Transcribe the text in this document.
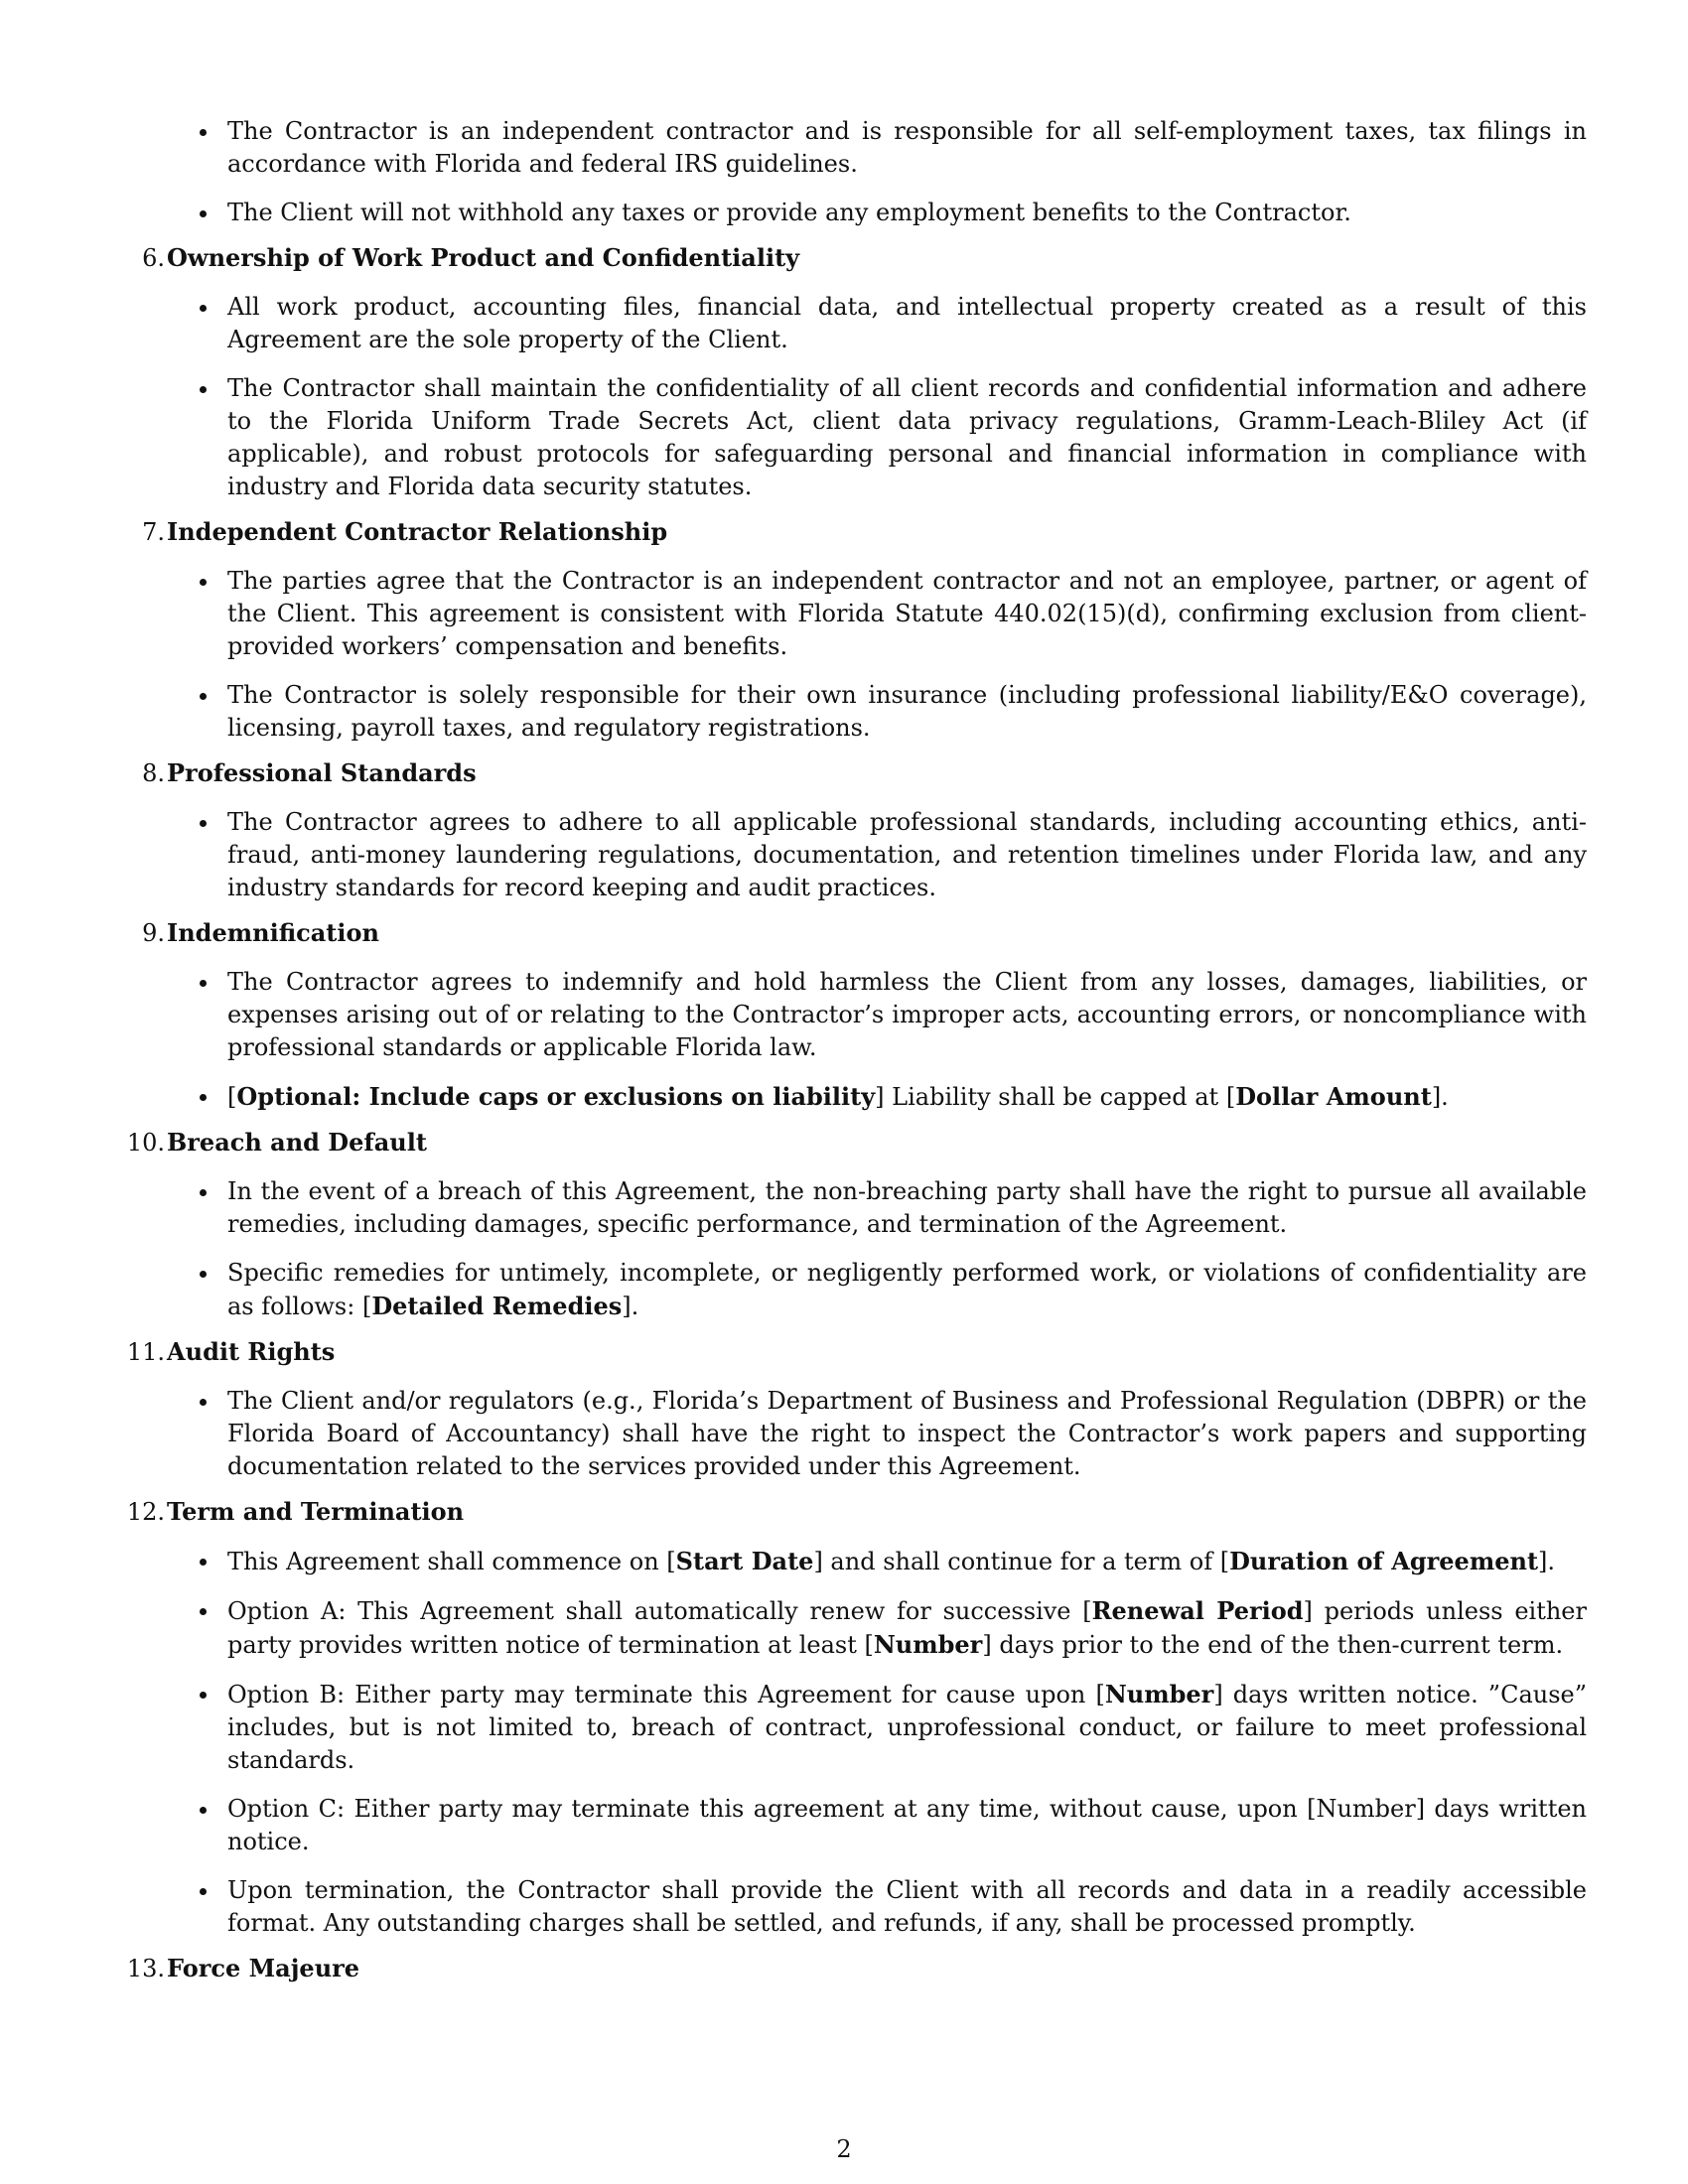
The Contractor is an independent contractor and is responsible for all self-employment taxes, tax filings in accordance with Florida and federal IRS guidelines.
The Client will not withhold any taxes or provide any employment benefits to the Contractor.
6. Ownership of Work Product and Confidentiality
All work product, accounting files, financial data, and intellectual property created as a result of this Agreement are the sole property of the Client.
The Contractor shall maintain the confidentiality of all client records and confidential information and adhere to the Florida Uniform Trade Secrets Act, client data privacy regulations, Gramm-Leach-Bliley Act (if applicable), and robust protocols for safeguarding personal and financial information in compliance with industry and Florida data security statutes.
7. Independent Contractor Relationship
The parties agree that the Contractor is an independent contractor and not an employee, partner, or agent of the Client. This agreement is consistent with Florida Statute 440.02(15)(d), confirming exclusion from client-provided workers’ compensation and benefits.
The Contractor is solely responsible for their own insurance (including professional liability/E&O coverage), licensing, payroll taxes, and regulatory registrations.
8. Professional Standards
The Contractor agrees to adhere to all applicable professional standards, including accounting ethics, anti-fraud, anti-money laundering regulations, documentation, and retention timelines under Florida law, and any industry standards for record keeping and audit practices.
9. Indemnification
The Contractor agrees to indemnify and hold harmless the Client from any losses, damages, liabilities, or expenses arising out of or relating to the Contractor’s improper acts, accounting errors, or noncompliance with professional standards or applicable Florida law.
[Optional: Include caps or exclusions on liability] Liability shall be capped at [Dollar Amount].
10. Breach and Default
In the event of a breach of this Agreement, the non-breaching party shall have the right to pursue all available remedies, including damages, specific performance, and termination of the Agreement.
Specific remedies for untimely, incomplete, or negligently performed work, or violations of confidentiality are as follows: [Detailed Remedies].
11. Audit Rights
The Client and/or regulators (e.g., Florida’s Department of Business and Professional Regulation (DBPR) or the Florida Board of Accountancy) shall have the right to inspect the Contractor’s work papers and supporting documentation related to the services provided under this Agreement.
12. Term and Termination
This Agreement shall commence on [Start Date] and shall continue for a term of [Duration of Agreement].
Option A: This Agreement shall automatically renew for successive [Renewal Period] periods unless either party provides written notice of termination at least [Number] days prior to the end of the then-current term.
Option B: Either party may terminate this Agreement for cause upon [Number] days written notice. ”Cause” includes, but is not limited to, breach of contract, unprofessional conduct, or failure to meet professional standards.
Option C: Either party may terminate this agreement at any time, without cause, upon [Number] days written notice.
Upon termination, the Contractor shall provide the Client with all records and data in a readily accessible format. Any outstanding charges shall be settled, and refunds, if any, shall be processed promptly.
13. Force Majeure
2
